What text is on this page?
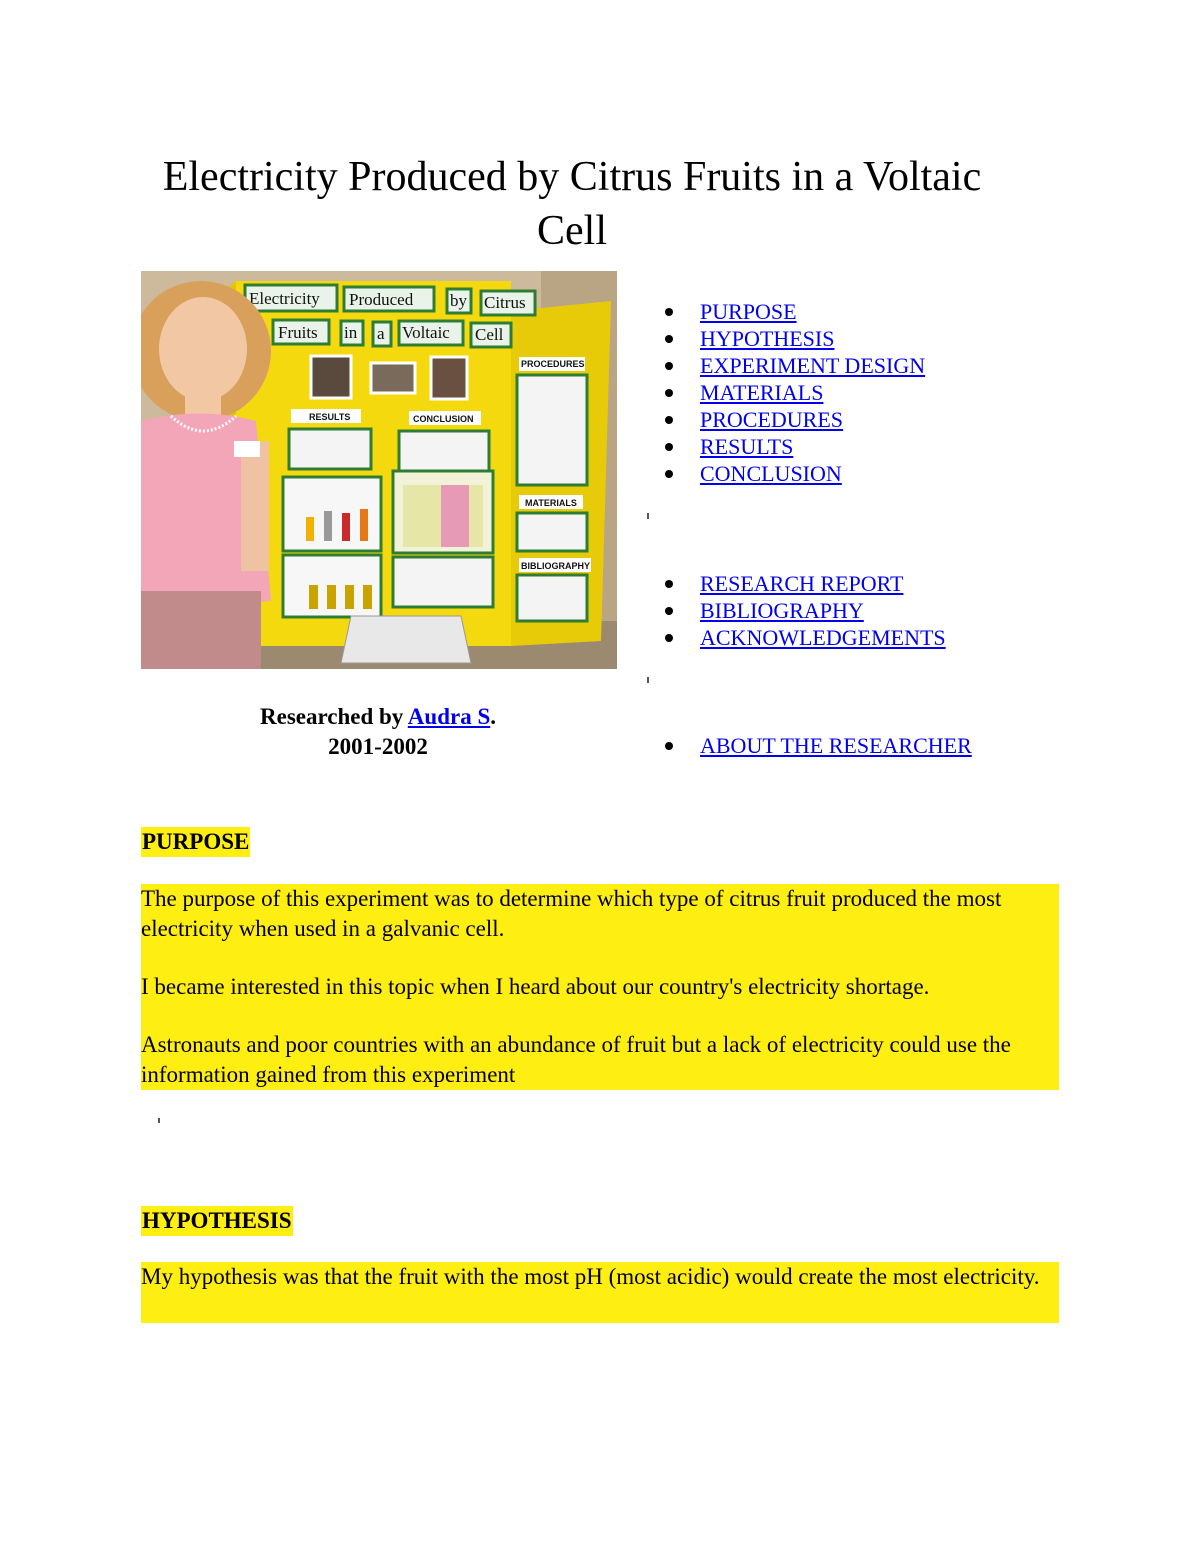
Electricity Produced by Citrus Fruits in a Voltaic Cell
Electricity Produced by Citrus
Fruits in a Voltaic Cell
PROCEDURES
RESULTS	CONCLUSION
MATERIALS
BIBLIOGRAPHY
Researched by Audra S.
2001-2002
PURPOSE
HYPOTHESIS
EXPERIMENT DESIGN
MATERIALS
PROCEDURES
RESULTS
CONCLUSION
RESEARCH REPORT
BIBLIOGRAPHY
ACKNOWLEDGEMENTS
ABOUT THE RESEARCHER
PURPOSE

The purpose of this experiment was to determine which type of citrus fruit produced the most electricity when used in a galvanic cell.

I became interested in this topic when I heard about our country's electricity shortage.

Astronauts and poor countries with an abundance of fruit but a lack of electricity could use the information gained from this experiment

HYPOTHESIS

My hypothesis was that the fruit with the most pH (most acidic) would create the most electricity.
